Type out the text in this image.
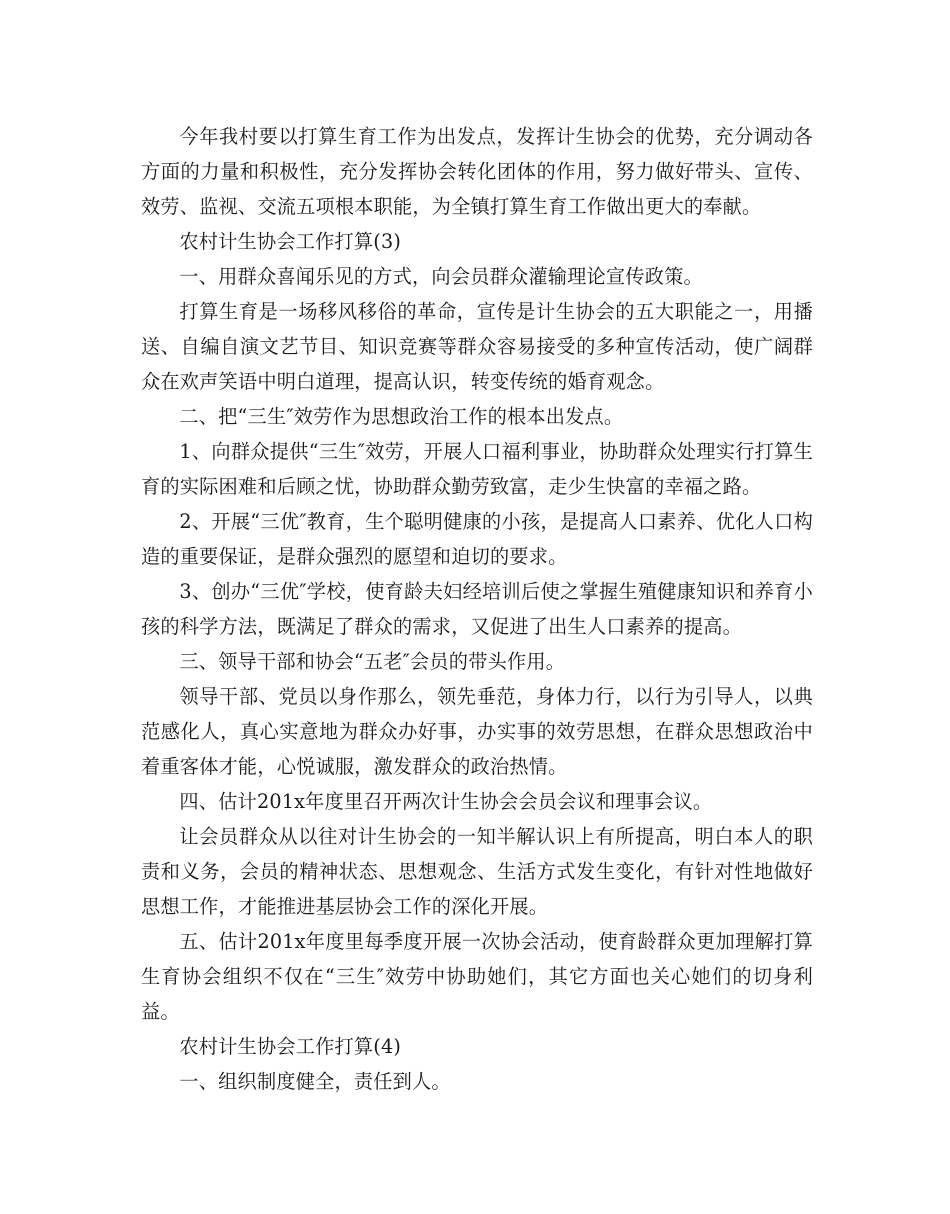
今年我村要以打算生育工作为出发点，发挥计生协会的优势，充分调动各方面的力量和积极性，充分发挥协会转化团体的作用，努力做好带头、宣传、效劳、监视、交流五项根本职能，为全镇打算生育工作做出更大的奉献。

农村计生协会工作打算(3)

一、用群众喜闻乐见的方式，向会员群众灌输理论宣传政策。

打算生育是一场移风移俗的革命，宣传是计生协会的五大职能之一，用播送、自编自演文艺节目、知识竞赛等群众容易接受的多种宣传活动，使广阔群众在欢声笑语中明白道理，提高认识，转变传统的婚育观念。

二、把“三生″效劳作为思想政治工作的根本出发点。

1、向群众提供“三生″效劳，开展人口福利事业，协助群众处理实行打算生育的实际困难和后顾之忧，协助群众勤劳致富，走少生快富的幸福之路。

2、开展“三优″教育，生个聪明健康的小孩，是提高人口素养、优化人口构造的重要保证，是群众强烈的愿望和迫切的要求。

3、创办“三优″学校，使育龄夫妇经培训后使之掌握生殖健康知识和养育小孩的科学方法，既满足了群众的需求，又促进了出生人口素养的提高。

三、领导干部和协会“五老″会员的带头作用。

领导干部、党员以身作那么，领先垂范，身体力行，以行为引导人，以典范感化人，真心实意地为群众办好事，办实事的效劳思想，在群众思想政治中着重客体才能，心悦诚服，激发群众的政治热情。

四、估计201x年度里召开两次计生协会会员会议和理事会议。

让会员群众从以往对计生协会的一知半解认识上有所提高，明白本人的职责和义务，会员的精神状态、思想观念、生活方式发生变化，有针对性地做好思想工作，才能推进基层协会工作的深化开展。

五、估计201x年度里每季度开展一次协会活动，使育龄群众更加理解打算生育协会组织不仅在“三生″效劳中协助她们，其它方面也关心她们的切身利益。

农村计生协会工作打算(4)

一、组织制度健全，责任到人。
